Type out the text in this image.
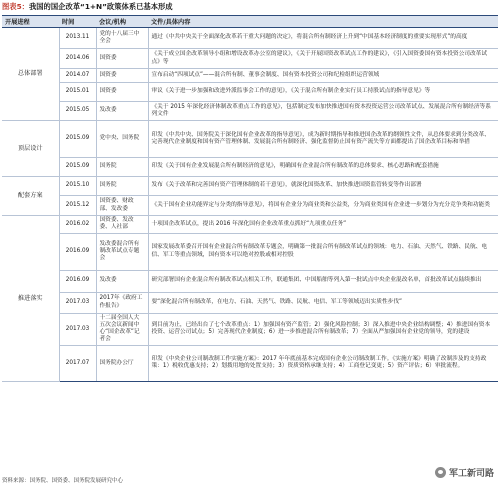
图表5：我国的国企改革“1+N”政策体系已基本形成
开展进程	时间	会议/机构	文件/具体内容
总体部署	2013.11	党的十八届三中全会	通过《中共中央关于全面深化改革若干重大问题的决定》，将混合所有制经济上升到“中国基本经济制度的重要实现形式”的高度
	2014.06	国资委	《关于成立国企改革领导小组和增设改革办公室的建议》，《关于开展国资改革试点工作的建议》，《引入国资委国有资本投资公司改革试点》等
	2014.07	国资委	宣布启动“四项试点”——混合所有制、董事会制度、国有资本投资公司和纪检组织运营领域
	2015.01	国资委	审议《关于进一步加强和改进外派监事会工作的意见》，《关于混合所有制企业实行员工持股试点的指导意见》等
	2015.05	发改委	《关于 2015 年深化经济体制改革重点工作的意见》，包括制定发布加快推进国有资本投资运营公司改革试点、发展混合所有制经济等系列文件
顶层设计	2015.09	党中央、国务院	印发《中共中央、国务院关于深化国有企业改革的指导意见》，成为新时期指导和推进国企改革的纲领性文件，从总体要求到分类改革、完善现代企业制度和国有资产管理体制、发展混合所有制经济、强化监督防止国有资产流失等方面都提出了国企改革目标和举措
	2015.09	国务院	印发《关于国有企业发展混合所有制经济的意见》，明确国有企业混合所有制改革的总体要求、核心思路和配套措施
配套方案	2015.10	国务院	发布《关于改革和完善国有资产管理体制的若干意见》，就深化国资改革、加快推进国资监管转变等作出部署
	2015.12	国资委、财政部、发改委	《关于国有企业功能界定与分类的指导意见》，将国有企业分为商业类和公益类，分为商业类国有企业进一步划分为充分竞争类和功能类
推进落实	2016.02	国资委、发改委、人社部	十项国企改革试点，提出 2016 年深化国有企业改革重点抓好“九项重点任务”
	2016.09	发改委混合所有制改革试点专题会	国家发展改革委召开国有企业混合所有制改革专题会，明确第一批混合所有制改革试点的领域：电力、石油、天然气、铁路、民航、电信、军工等重点领域，国有资本可以绝对控股或相对控股
	2016.09	发改委	研究部署国有企业混合所有制改革试点相关工作，联通集团、中国船舶等列入第一批试点中央企业混改名单，首批改革试点陆续推出
	2017.03	2017年《政府工作报告》	要“深化混合所有制改革，在电力、石油、天然气、铁路、民航、电信、军工等领域迈出实质性步伐”
	2017.03	十二届全国人大五次会议新闻中心“国企改革”记者会	到目前为止，已经出台了七个改革重点：1）加强国有资产监管；2）强化风险控制；3）深入推进中央企业结构调整；4）推进国有资本投资、运营公司试点；5）完善现代企业制度；6）进一步推进混合所有制改革；7）全面从严加强国有企业党的领导，党的建设
	2017.07	国务院办公厅	印发《中央企业公司制改制工作实施方案》：2017 年年底前基本完成国有企业公司制改制工作。《实施方案》明确了改制涉及的支持政策：1）税收优惠支持；2）划拨用地的处置支持；3）资质资格承继支持；4）工商登记变更；5）资产评估；6）审批流程。
资料来源：国务院、国资委、国务院发展研究中心
军工新司路
